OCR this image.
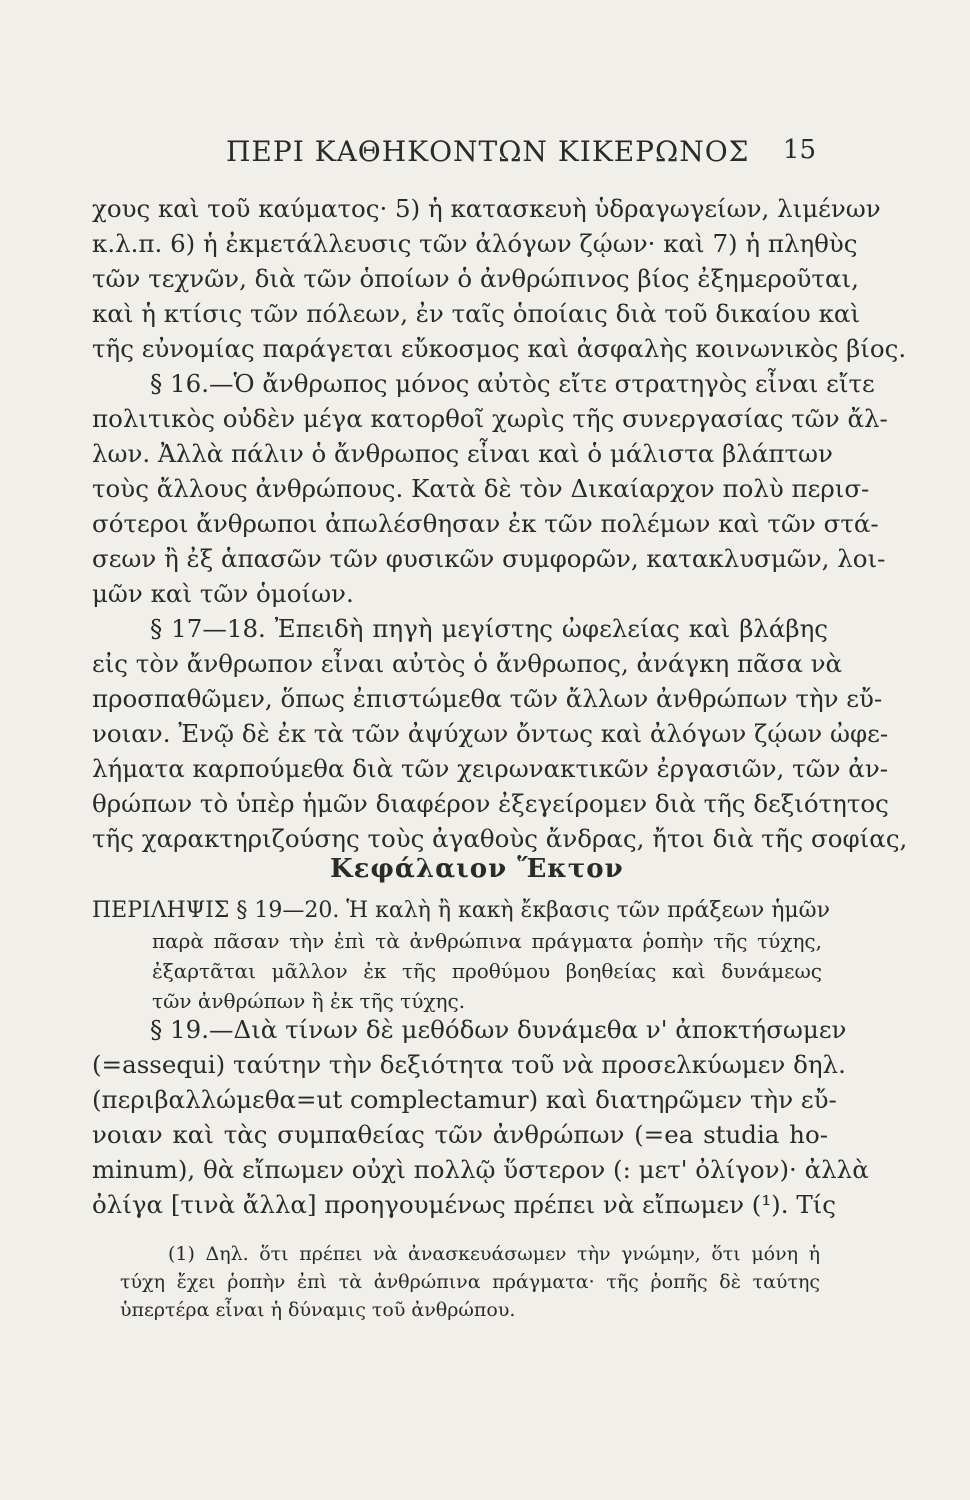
ΠΕΡΙ ΚΑΘΗΚΟΝΤΩΝ ΚΙΚΕΡΩΝΟΣ 15
χους καὶ τοῦ καύματος· 5) ἡ κατασκευὴ ὑδραγωγείων, λιμένων
κ.λ.π. 6) ἡ ἐκμετάλλευσις τῶν ἀλόγων ζῴων· καὶ 7) ἡ πληθὺς
τῶν τεχνῶν, διὰ τῶν ὁποίων ὁ ἀνθρώπινος βίος ἐξημεροῦται,
καὶ ἡ κτίσις τῶν πόλεων, ἐν ταῖς ὁποίαις διὰ τοῦ δικαίου καὶ
τῆς εὐνομίας παράγεται εὔκοσμος καὶ ἀσφαλὴς κοινωνικὸς βίος.
§ 16.—Ὁ ἄνθρωπος μόνος αὐτὸς εἴτε στρατηγὸς εἶναι εἴτε
πολιτικὸς οὐδὲν μέγα κατορθοῖ χωρὶς τῆς συνεργασίας τῶν ἄλ-
λων. Ἀλλὰ πάλιν ὁ ἄνθρωπος εἶναι καὶ ὁ μάλιστα βλάπτων
τοὺς ἄλλους ἀνθρώπους. Κατὰ δὲ τὸν Δικαίαρχον πολὺ περισ-
σότεροι ἄνθρωποι ἀπωλέσθησαν ἐκ τῶν πολέμων καὶ τῶν στά-
σεων ἢ ἐξ ἁπασῶν τῶν φυσικῶν συμφορῶν, κατακλυσμῶν, λοι-
μῶν καὶ τῶν ὁμοίων.
§ 17—18. Ἐπειδὴ πηγὴ μεγίστης ὠφελείας καὶ βλάβης
εἰς τὸν ἄνθρωπον εἶναι αὐτὸς ὁ ἄνθρωπος, ἀνάγκη πᾶσα νὰ
προσπαθῶμεν, ὅπως ἐπιστώμεθα τῶν ἄλλων ἀνθρώπων τὴν εὔ-
νοιαν. Ἐνῷ δὲ ἐκ τὰ τῶν ἀψύχων ὄντως καὶ ἀλόγων ζῴων ὠφε-
λήματα καρπούμεθα διὰ τῶν χειρωνακτικῶν ἐργασιῶν, τῶν ἀν-
θρώπων τὸ ὑπὲρ ἡμῶν διαφέρον ἐξεγείρομεν διὰ τῆς δεξιότητος
τῆς χαρακτηριζούσης τοὺς ἀγαθοὺς ἄνδρας, ἤτοι διὰ τῆς σοφίας,
Κεφάλαιον Ἕκτον
ΠΕΡΙΛΗΨΙΣ § 19—20. Ἡ καλὴ ἢ κακὴ ἔκβασις τῶν πράξεων ἡμῶν
παρὰ πᾶσαν τὴν ἐπὶ τὰ ἀνθρώπινα πράγματα ῥοπὴν τῆς τύχης,
ἐξαρτᾶται μᾶλλον ἐκ τῆς προθύμου βοηθείας καὶ δυνάμεως
τῶν ἀνθρώπων ἢ ἐκ τῆς τύχης.
§ 19.—Διὰ τίνων δὲ μεθόδων δυνάμεθα ν' ἀποκτήσωμεν
(=assequi) ταύτην τὴν δεξιότητα τοῦ νὰ προσελκύωμεν δηλ.
(περιβαλλώμεθα=ut complectamur) καὶ διατηρῶμεν τὴν εὔ-
νοιαν καὶ τὰς συμπαθείας τῶν ἀνθρώπων (=ea studia ho-
minum), θὰ εἴπωμεν οὐχὶ πολλῷ ὕστερον (: μετ' ὀλίγον)· ἀλλὰ
ὀλίγα [τινὰ ἄλλα] προηγουμένως πρέπει νὰ εἴπωμεν (¹). Τίς
(1) Δηλ. ὅτι πρέπει νὰ ἀνασκευάσωμεν τὴν γνώμην, ὅτι μόνη ἡ
τύχη ἔχει ῥοπὴν ἐπὶ τὰ ἀνθρώπινα πράγματα· τῆς ῥοπῆς δὲ ταύτης
ὑπερτέρα εἶναι ἡ δύναμις τοῦ ἀνθρώπου.
